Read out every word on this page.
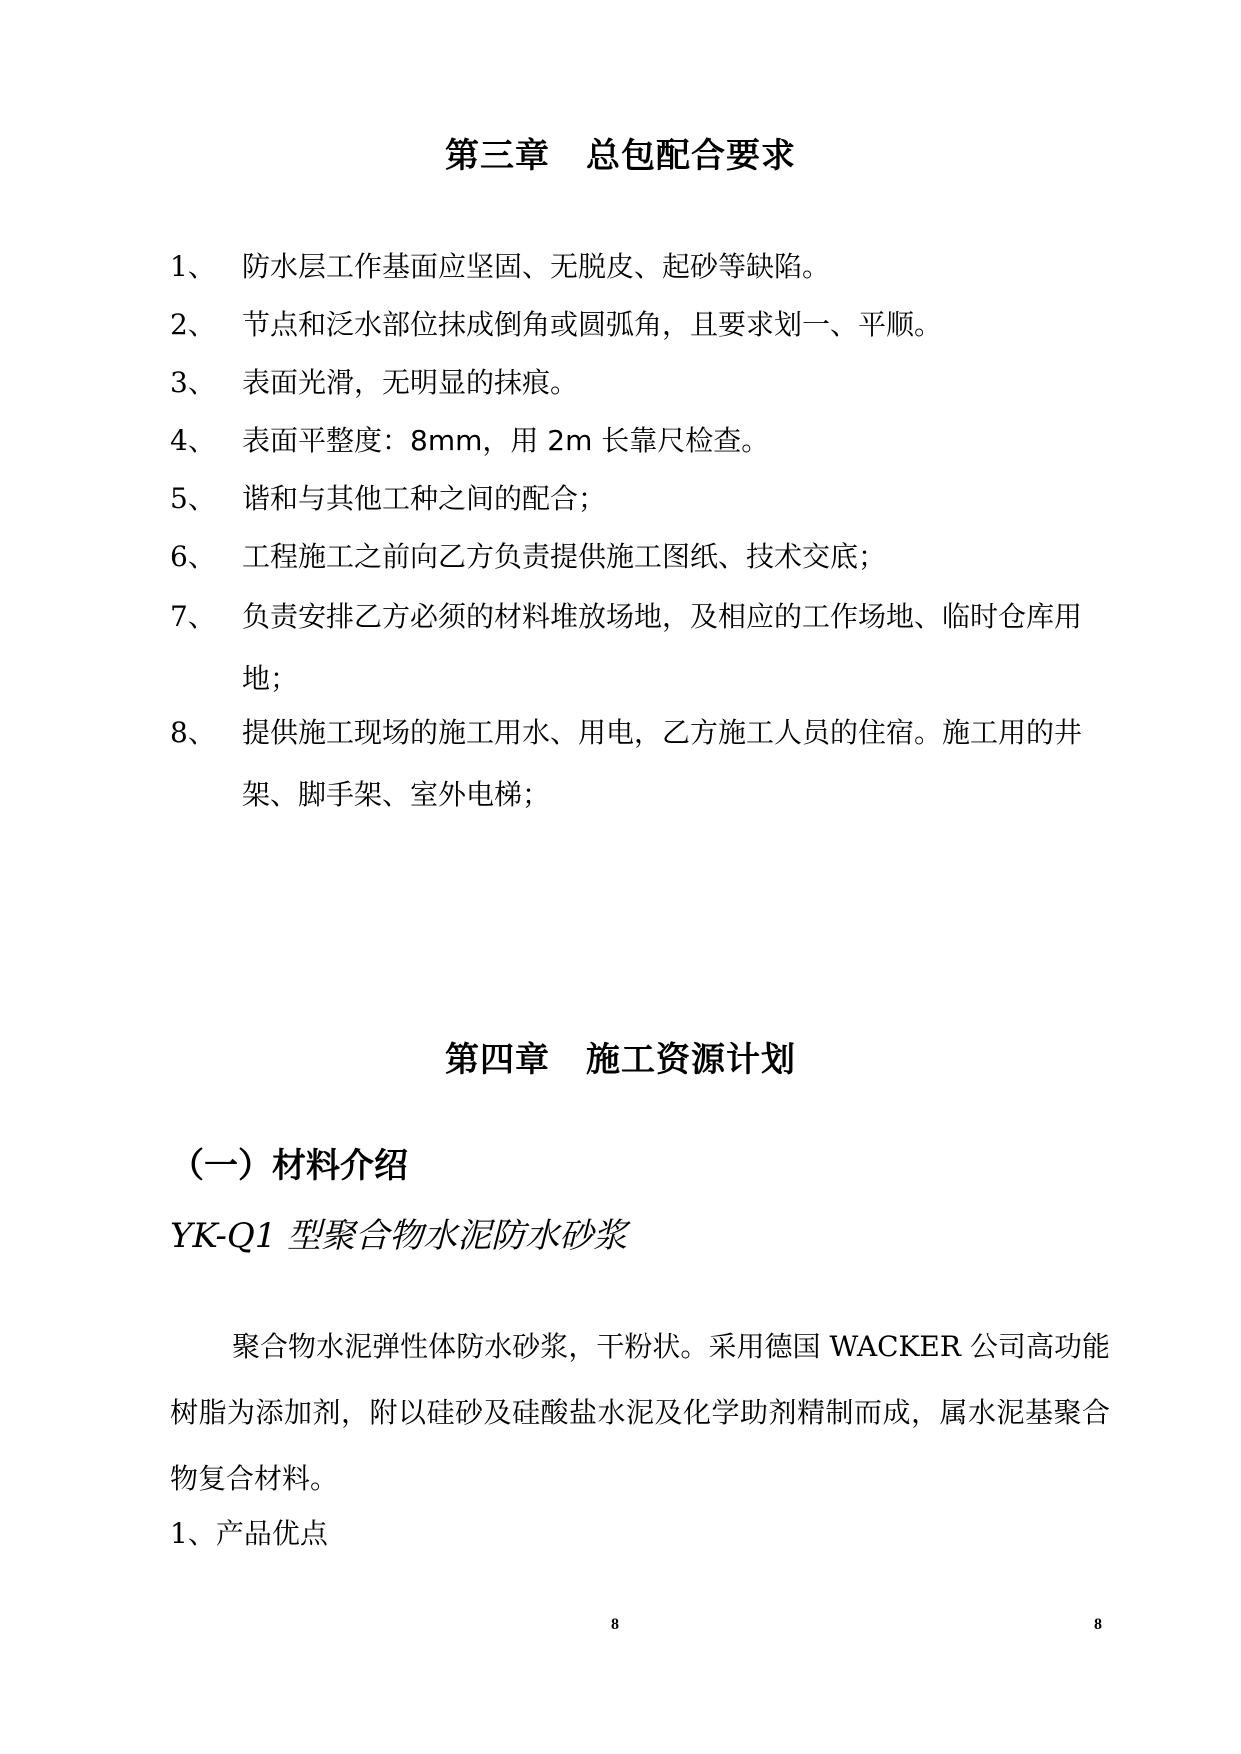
第三章 总包配合要求
1、 防水层工作基面应坚固、无脱皮、起砂等缺陷。
2、 节点和泛水部位抹成倒角或圆弧角，且要求划一、平顺。
3、 表面光滑，无明显的抹痕。
4、 表面平整度：8mm，用 2m 长靠尺检查。
5、 谐和与其他工种之间的配合；
6、 工程施工之前向乙方负责提供施工图纸、技术交底；
7、 负责安排乙方必须的材料堆放场地，及相应的工作场地、临时仓库用地；
8、 提供施工现场的施工用水、用电，乙方施工人员的住宿。施工用的井架、脚手架、室外电梯；
第四章 施工资源计划
（一）材料介绍
YK-Q1 型聚合物水泥防水砂浆
聚合物水泥弹性体防水砂浆，干粉状。采用德国 WACKER 公司高功能树脂为添加剂，附以硅砂及硅酸盐水泥及化学助剂精制而成，属水泥基聚合物复合材料。
1、产品优点
8	8
